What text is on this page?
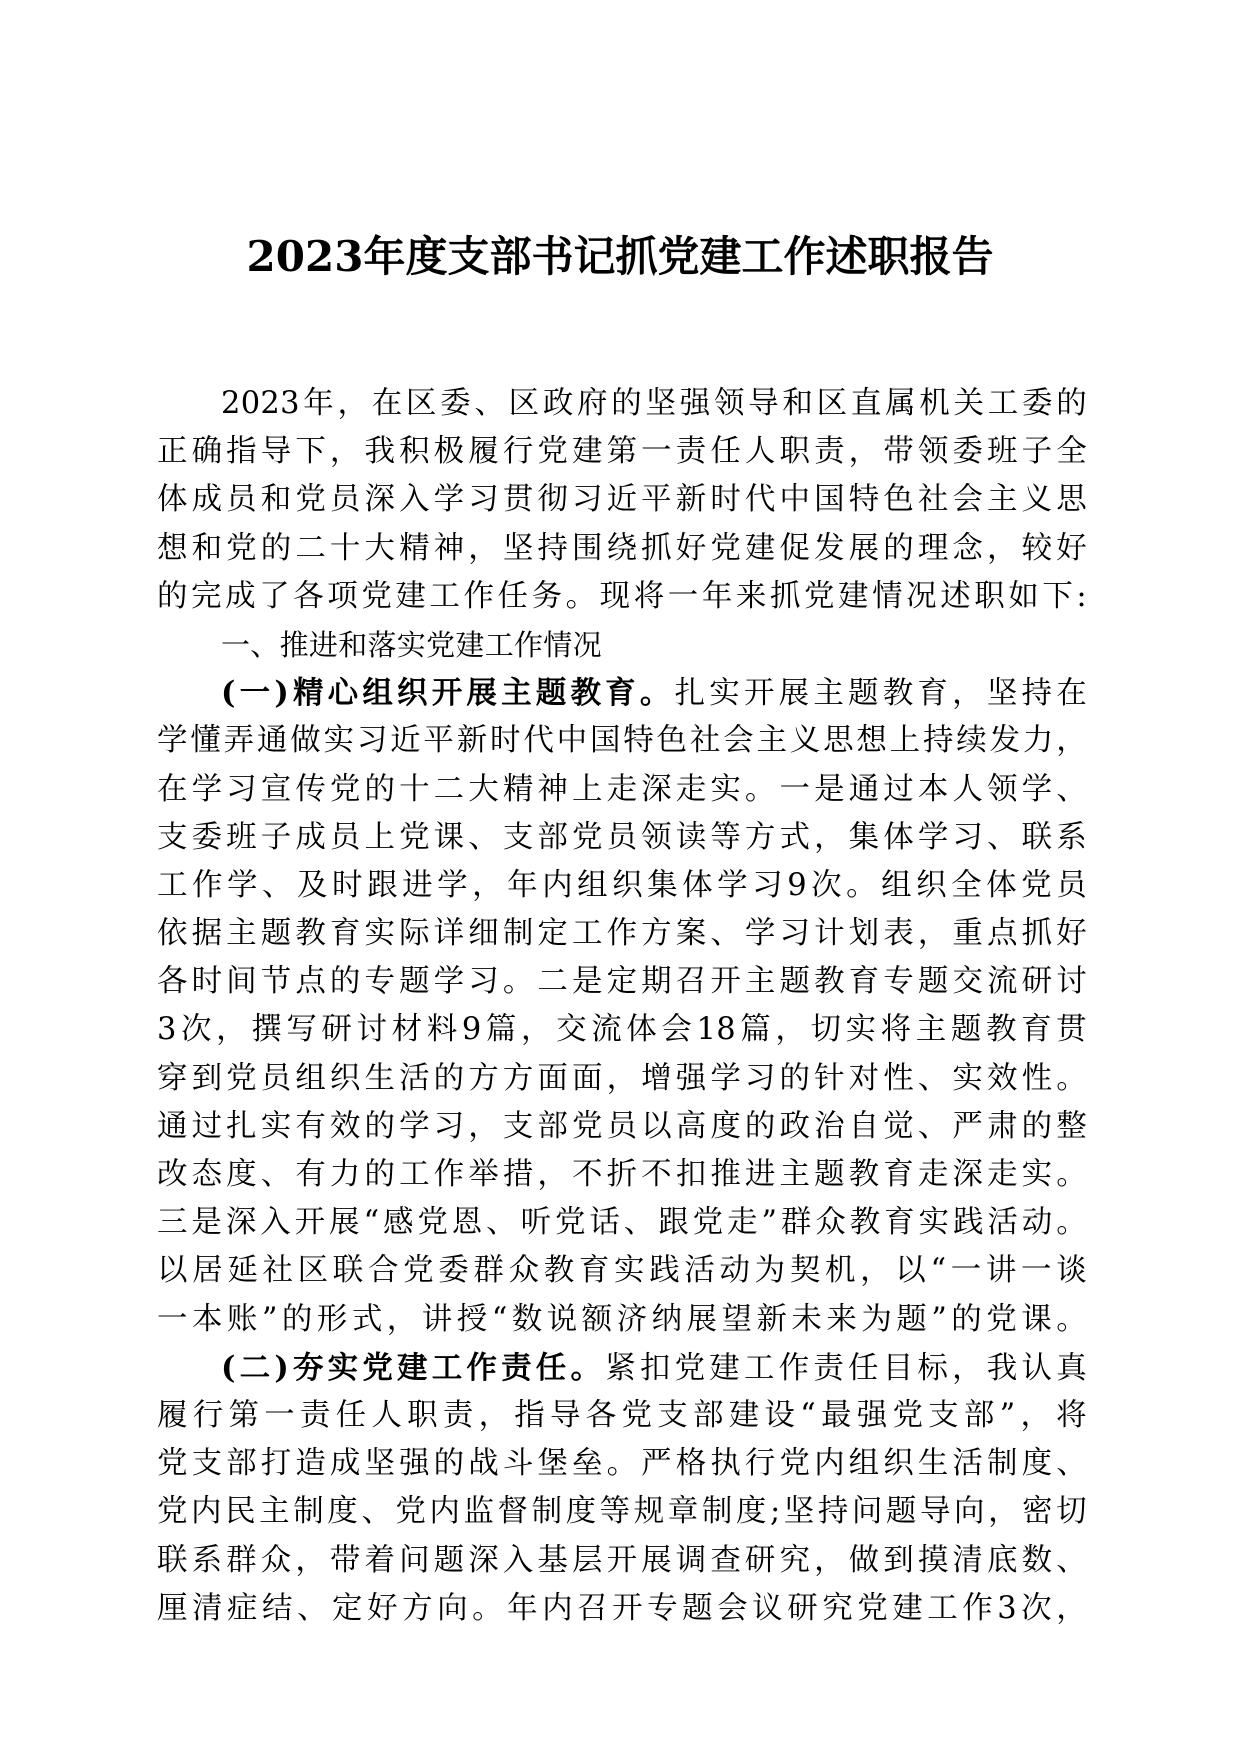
2023年度支部书记抓党建工作述职报告
2023年，在区委、区政府的坚强领导和区直属机关工委的
正确指导下，我积极履行党建第一责任人职责，带领委班子全
体成员和党员深入学习贯彻习近平新时代中国特色社会主义思
想和党的二十大精神，坚持围绕抓好党建促发展的理念，较好
的完成了各项党建工作任务。现将一年来抓党建情况述职如下:
一、推进和落实党建工作情况
(一)精心组织开展主题教育。扎实开展主题教育，坚持在
学懂弄通做实习近平新时代中国特色社会主义思想上持续发力，
在学习宣传党的十二大精神上走深走实。一是通过本人领学、
支委班子成员上党课、支部党员领读等方式，集体学习、联系
工作学、及时跟进学，年内组织集体学习9次。组织全体党员
依据主题教育实际详细制定工作方案、学习计划表，重点抓好
各时间节点的专题学习。二是定期召开主题教育专题交流研讨
3次，撰写研讨材料9篇，交流体会18篇，切实将主题教育贯
穿到党员组织生活的方方面面，增强学习的针对性、实效性。
通过扎实有效的学习，支部党员以高度的政治自觉、严肃的整
改态度、有力的工作举措，不折不扣推进主题教育走深走实。
三是深入开展“感党恩、听党话、跟党走”群众教育实践活动。
以居延社区联合党委群众教育实践活动为契机，以“一讲一谈
一本账”的形式，讲授“数说额济纳展望新未来为题”的党课。
(二)夯实党建工作责任。紧扣党建工作责任目标，我认真
履行第一责任人职责，指导各党支部建设“最强党支部”，将
党支部打造成坚强的战斗堡垒。严格执行党内组织生活制度、
党内民主制度、党内监督制度等规章制度;坚持问题导向，密切
联系群众，带着问题深入基层开展调查研究，做到摸清底数、
厘清症结、定好方向。年内召开专题会议研究党建工作3次，
